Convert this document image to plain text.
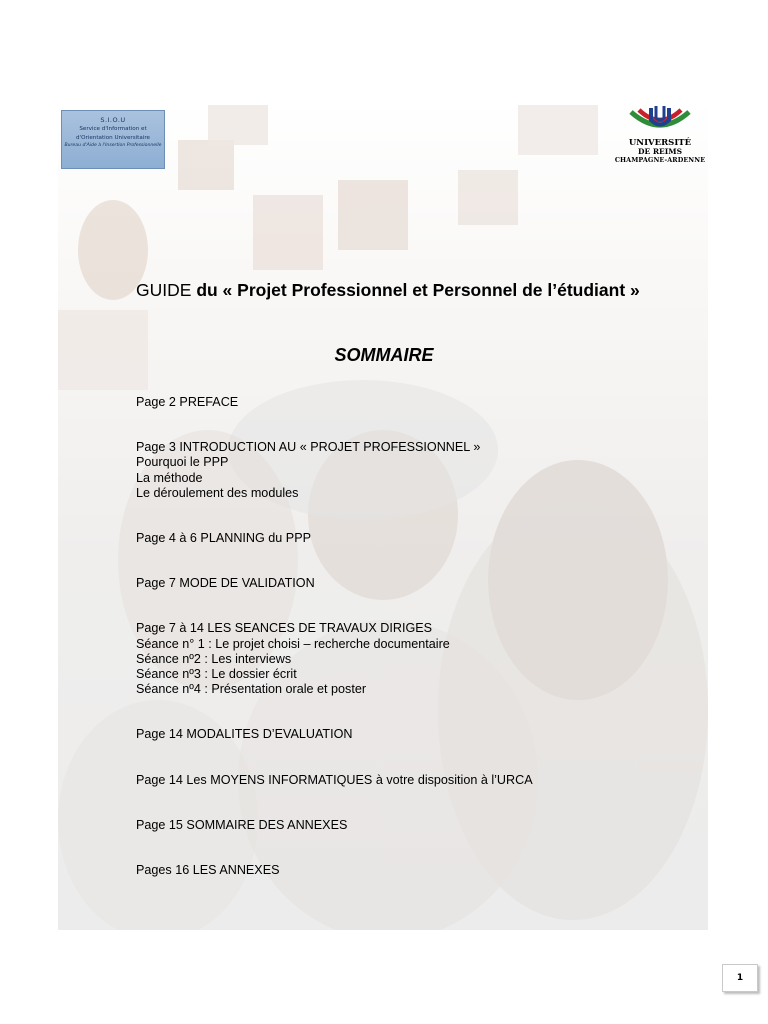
S.I.O.U
Service d'Information et
d'Orientation Universitaire
Bureau d'Aide à l'Insertion Professionnelle	UNIVERSITÉ
DE REIMS
CHAMPAGNE-ARDENNE
GUIDE du « Projet Professionnel et Personnel de l’étudiant »
SOMMAIRE
Page 2 PREFACE
Page 3 INTRODUCTION AU « PROJET PROFESSIONNEL »
Pourquoi le PPP
La méthode
Le déroulement des modules
Page 4 à 6 PLANNING du PPP
Page 7 MODE DE VALIDATION
Page 7 à 14 LES SEANCES DE TRAVAUX DIRIGES
Séance n° 1 : Le projet choisi – recherche documentaire
Séance nº2 : Les interviews
Séance nº3 : Le dossier écrit
Séance nº4 : Présentation orale et poster
Page 14 MODALITES D’EVALUATION
Page 14 Les MOYENS INFORMATIQUES à votre disposition à l’URCA
Page 15 SOMMAIRE DES ANNEXES
Pages 16 LES ANNEXES
1
